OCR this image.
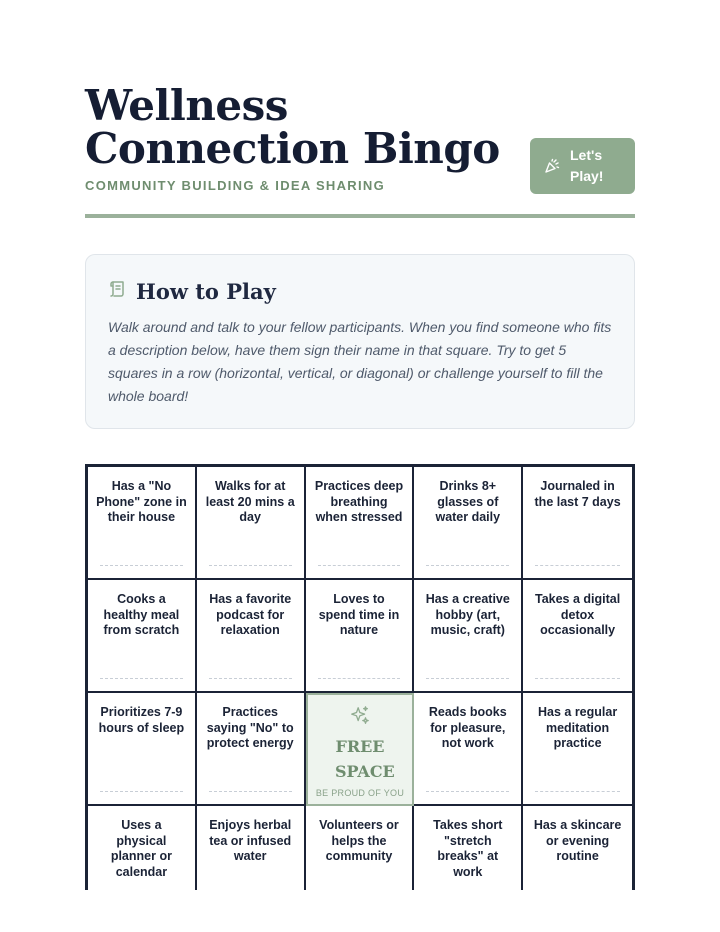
Wellness Connection Bingo
COMMUNITY BUILDING & IDEA SHARING
Let's Play!
How to Play

Walk around and talk to your fellow participants. When you find someone who fits a description below, have them sign their name in that square. Try to get 5 squares in a row (horizontal, vertical, or diagonal) or challenge yourself to fill the whole board!

Has a "No Phone" zone in their house
Walks for at least 20 mins a day
Practices deep breathing when stressed
Drinks 8+ glasses of water daily
Journaled in the last 7 days
Cooks a healthy meal from scratch
Has a favorite podcast for relaxation
Loves to spend time in nature
Has a creative hobby (art, music, craft)
Takes a digital detox occasionally
Prioritizes 7-9 hours of sleep
Practices saying "No" to protect energy	FREE SPACE
BE PROUD OF YOU
Reads books for pleasure, not work
Has a regular meditation practice
Uses a physical planner or calendar
Enjoys herbal tea or infused water
Volunteers or helps the community
Takes short "stretch breaks" at work
Has a skincare or evening routine
